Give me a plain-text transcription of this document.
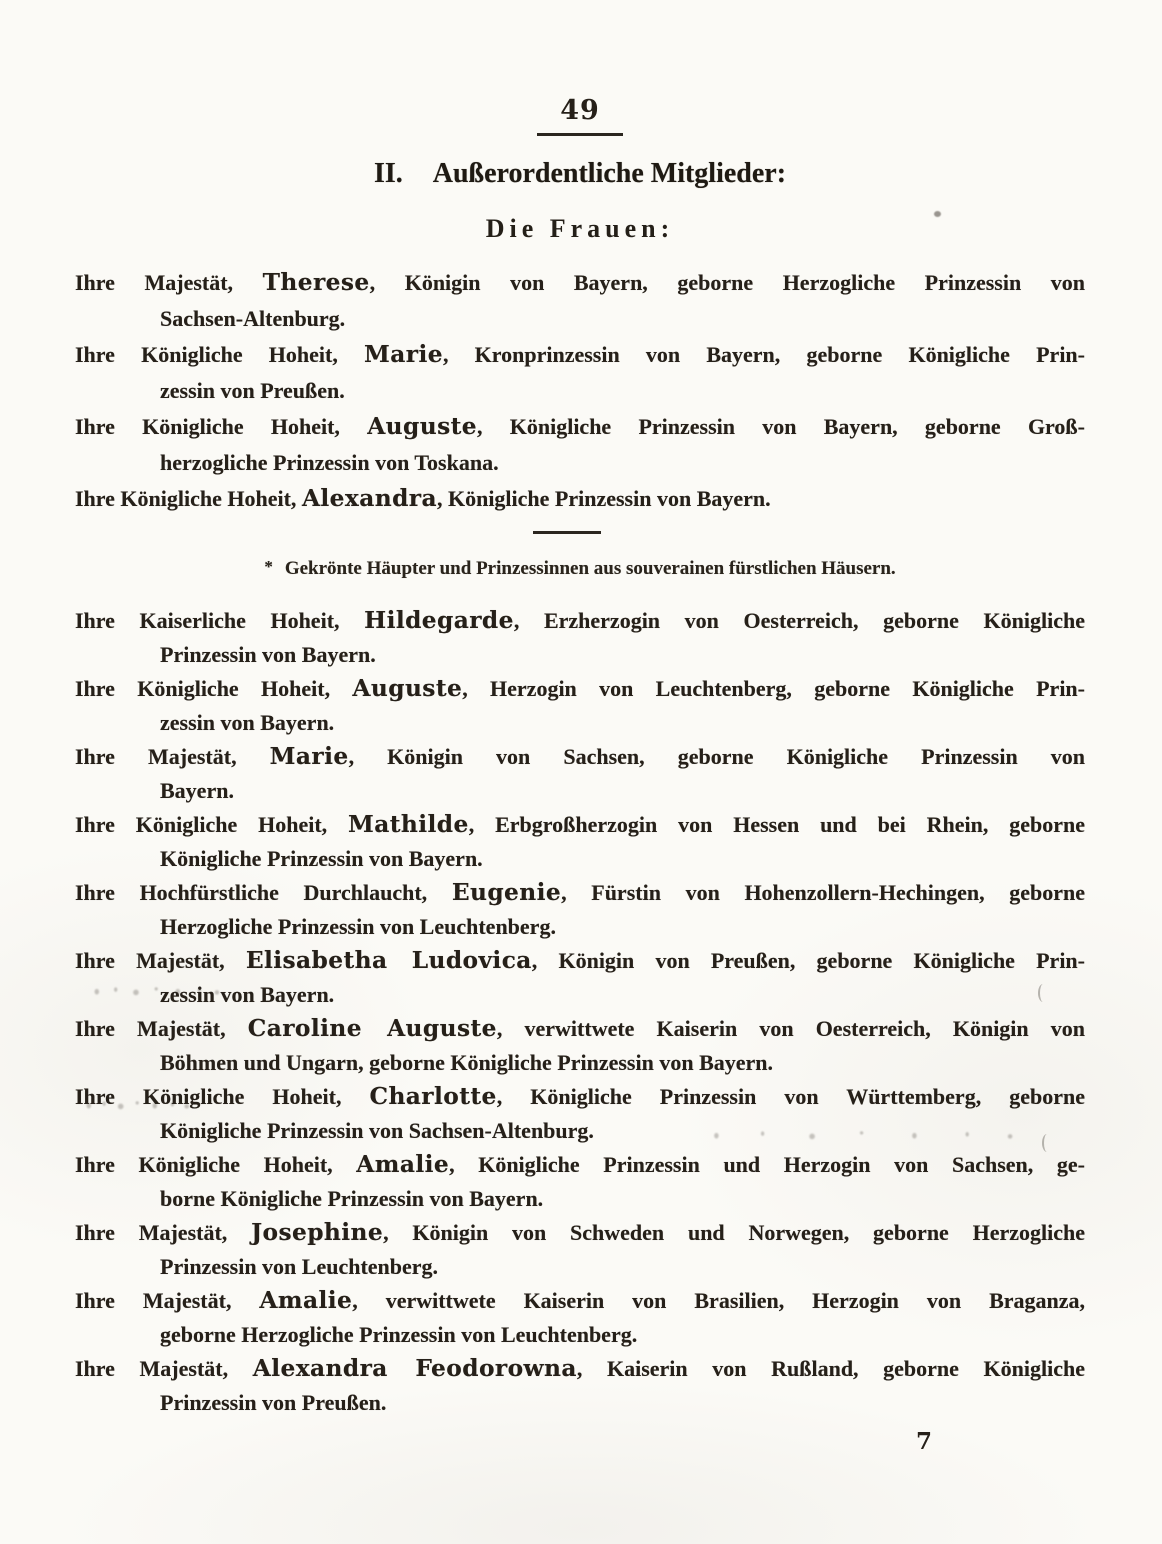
49
II. Außerordentliche Mitglieder:
Die Frauen:
Ihre Majestät, Therese, Königin von Bayern, geborne Herzogliche Prinzessin von
Sachsen-Altenburg.
Ihre Königliche Hoheit, Marie, Kronprinzessin von Bayern, geborne Königliche Prin-
zessin von Preußen.
Ihre Königliche Hoheit, Auguste, Königliche Prinzessin von Bayern, geborne Groß-
herzogliche Prinzessin von Toskana.
Ihre Königliche Hoheit, Alexandra, Königliche Prinzessin von Bayern.
* Gekrönte Häupter und Prinzessinnen aus souverainen fürstlichen Häusern.
Ihre Kaiserliche Hoheit, Hildegarde, Erzherzogin von Oesterreich, geborne Königliche
Prinzessin von Bayern.
Ihre Königliche Hoheit, Auguste, Herzogin von Leuchtenberg, geborne Königliche Prin-
zessin von Bayern.
Ihre Majestät, Marie, Königin von Sachsen, geborne Königliche Prinzessin von
Bayern.
Ihre Königliche Hoheit, Mathilde, Erbgroßherzogin von Hessen und bei Rhein, geborne
Königliche Prinzessin von Bayern.
Ihre Hochfürstliche Durchlaucht, Eugenie, Fürstin von Hohenzollern-Hechingen, geborne
Herzogliche Prinzessin von Leuchtenberg.
Ihre Majestät, Elisabetha Ludovica, Königin von Preußen, geborne Königliche Prin-
zessin von Bayern.
Ihre Majestät, Caroline Auguste, verwittwete Kaiserin von Oesterreich, Königin von
Böhmen und Ungarn, geborne Königliche Prinzessin von Bayern.
Ihre Königliche Hoheit, Charlotte, Königliche Prinzessin von Württemberg, geborne
Königliche Prinzessin von Sachsen-Altenburg.
Ihre Königliche Hoheit, Amalie, Königliche Prinzessin und Herzogin von Sachsen, ge-
borne Königliche Prinzessin von Bayern.
Ihre Majestät, Josephine, Königin von Schweden und Norwegen, geborne Herzogliche
Prinzessin von Leuchtenberg.
Ihre Majestät, Amalie, verwittwete Kaiserin von Brasilien, Herzogin von Braganza,
geborne Herzogliche Prinzessin von Leuchtenberg.
Ihre Majestät, Alexandra Feodorowna, Kaiserin von Rußland, geborne Königliche
Prinzessin von Preußen.
7
